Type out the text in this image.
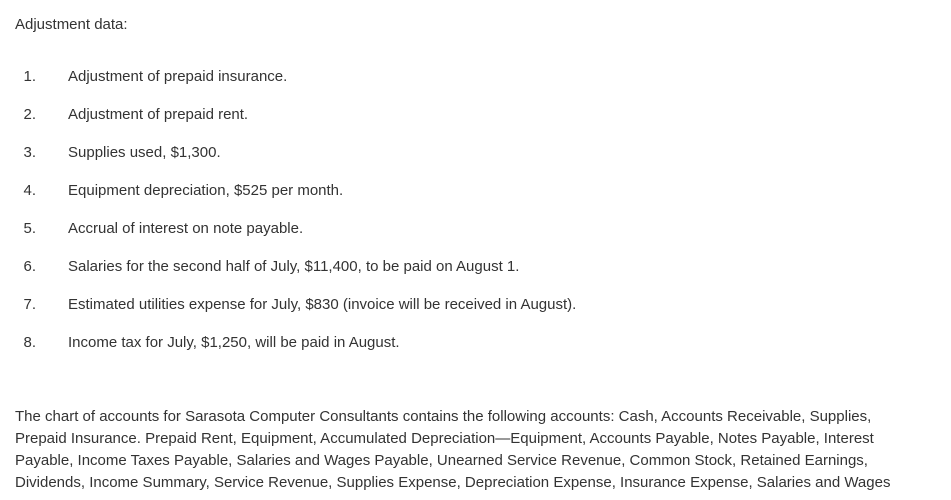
Adjustment data:
1. Adjustment of prepaid insurance.
2. Adjustment of prepaid rent.
3. Supplies used, $1,300.
4. Equipment depreciation, $525 per month.
5. Accrual of interest on note payable.
6. Salaries for the second half of July, $11,400, to be paid on August 1.
7. Estimated utilities expense for July, $830 (invoice will be received in August).
8. Income tax for July, $1,250, will be paid in August.

The chart of accounts for Sarasota Computer Consultants contains the following accounts: Cash, Accounts Receivable, Supplies, Prepaid Insurance. Prepaid Rent, Equipment, Accumulated Depreciation—Equipment, Accounts Payable, Notes Payable, Interest Payable, Income Taxes Payable, Salaries and Wages Payable, Unearned Service Revenue, Common Stock, Retained Earnings, Dividends, Income Summary, Service Revenue, Supplies Expense, Depreciation Expense, Insurance Expense, Salaries and Wages
